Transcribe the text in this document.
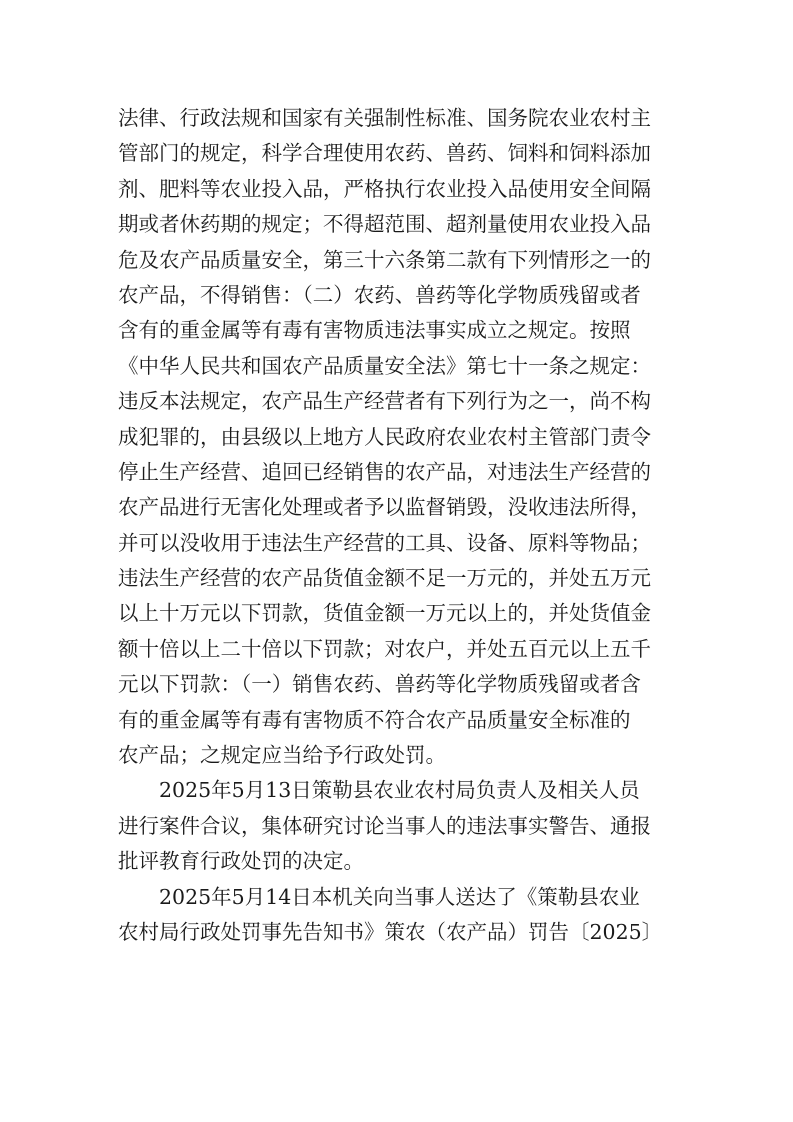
法律、行政法规和国家有关强制性标准、国务院农业农村主
管部门的规定，科学合理使用农药、兽药、饲料和饲料添加
剂、肥料等农业投入品，严格执行农业投入品使用安全间隔
期或者休药期的规定；不得超范围、超剂量使用农业投入品
危及农产品质量安全，第三十六条第二款有下列情形之一的
农产品，不得销售：（二）农药、兽药等化学物质残留或者
含有的重金属等有毒有害物质违法事实成立之规定。按照
《中华人民共和国农产品质量安全法》第七十一条之规定：
违反本法规定，农产品生产经营者有下列行为之一，尚不构
成犯罪的，由县级以上地方人民政府农业农村主管部门责令
停止生产经营、追回已经销售的农产品，对违法生产经营的
农产品进行无害化处理或者予以监督销毁，没收违法所得，
并可以没收用于违法生产经营的工具、设备、原料等物品；
违法生产经营的农产品货值金额不足一万元的，并处五万元
以上十万元以下罚款，货值金额一万元以上的，并处货值金
额十倍以上二十倍以下罚款；对农户，并处五百元以上五千
元以下罚款：（一）销售农药、兽药等化学物质残留或者含
有的重金属等有毒有害物质不符合农产品质量安全标准的
农产品；之规定应当给予行政处罚。
2025年5月13日策勒县农业农村局负责人及相关人员
进行案件合议，集体研究讨论当事人的违法事实警告、通报
批评教育行政处罚的决定。
2025年5月14日本机关向当事人送达了《策勒县农业
农村局行政处罚事先告知书》策农（农产品）罚告〔2025〕
